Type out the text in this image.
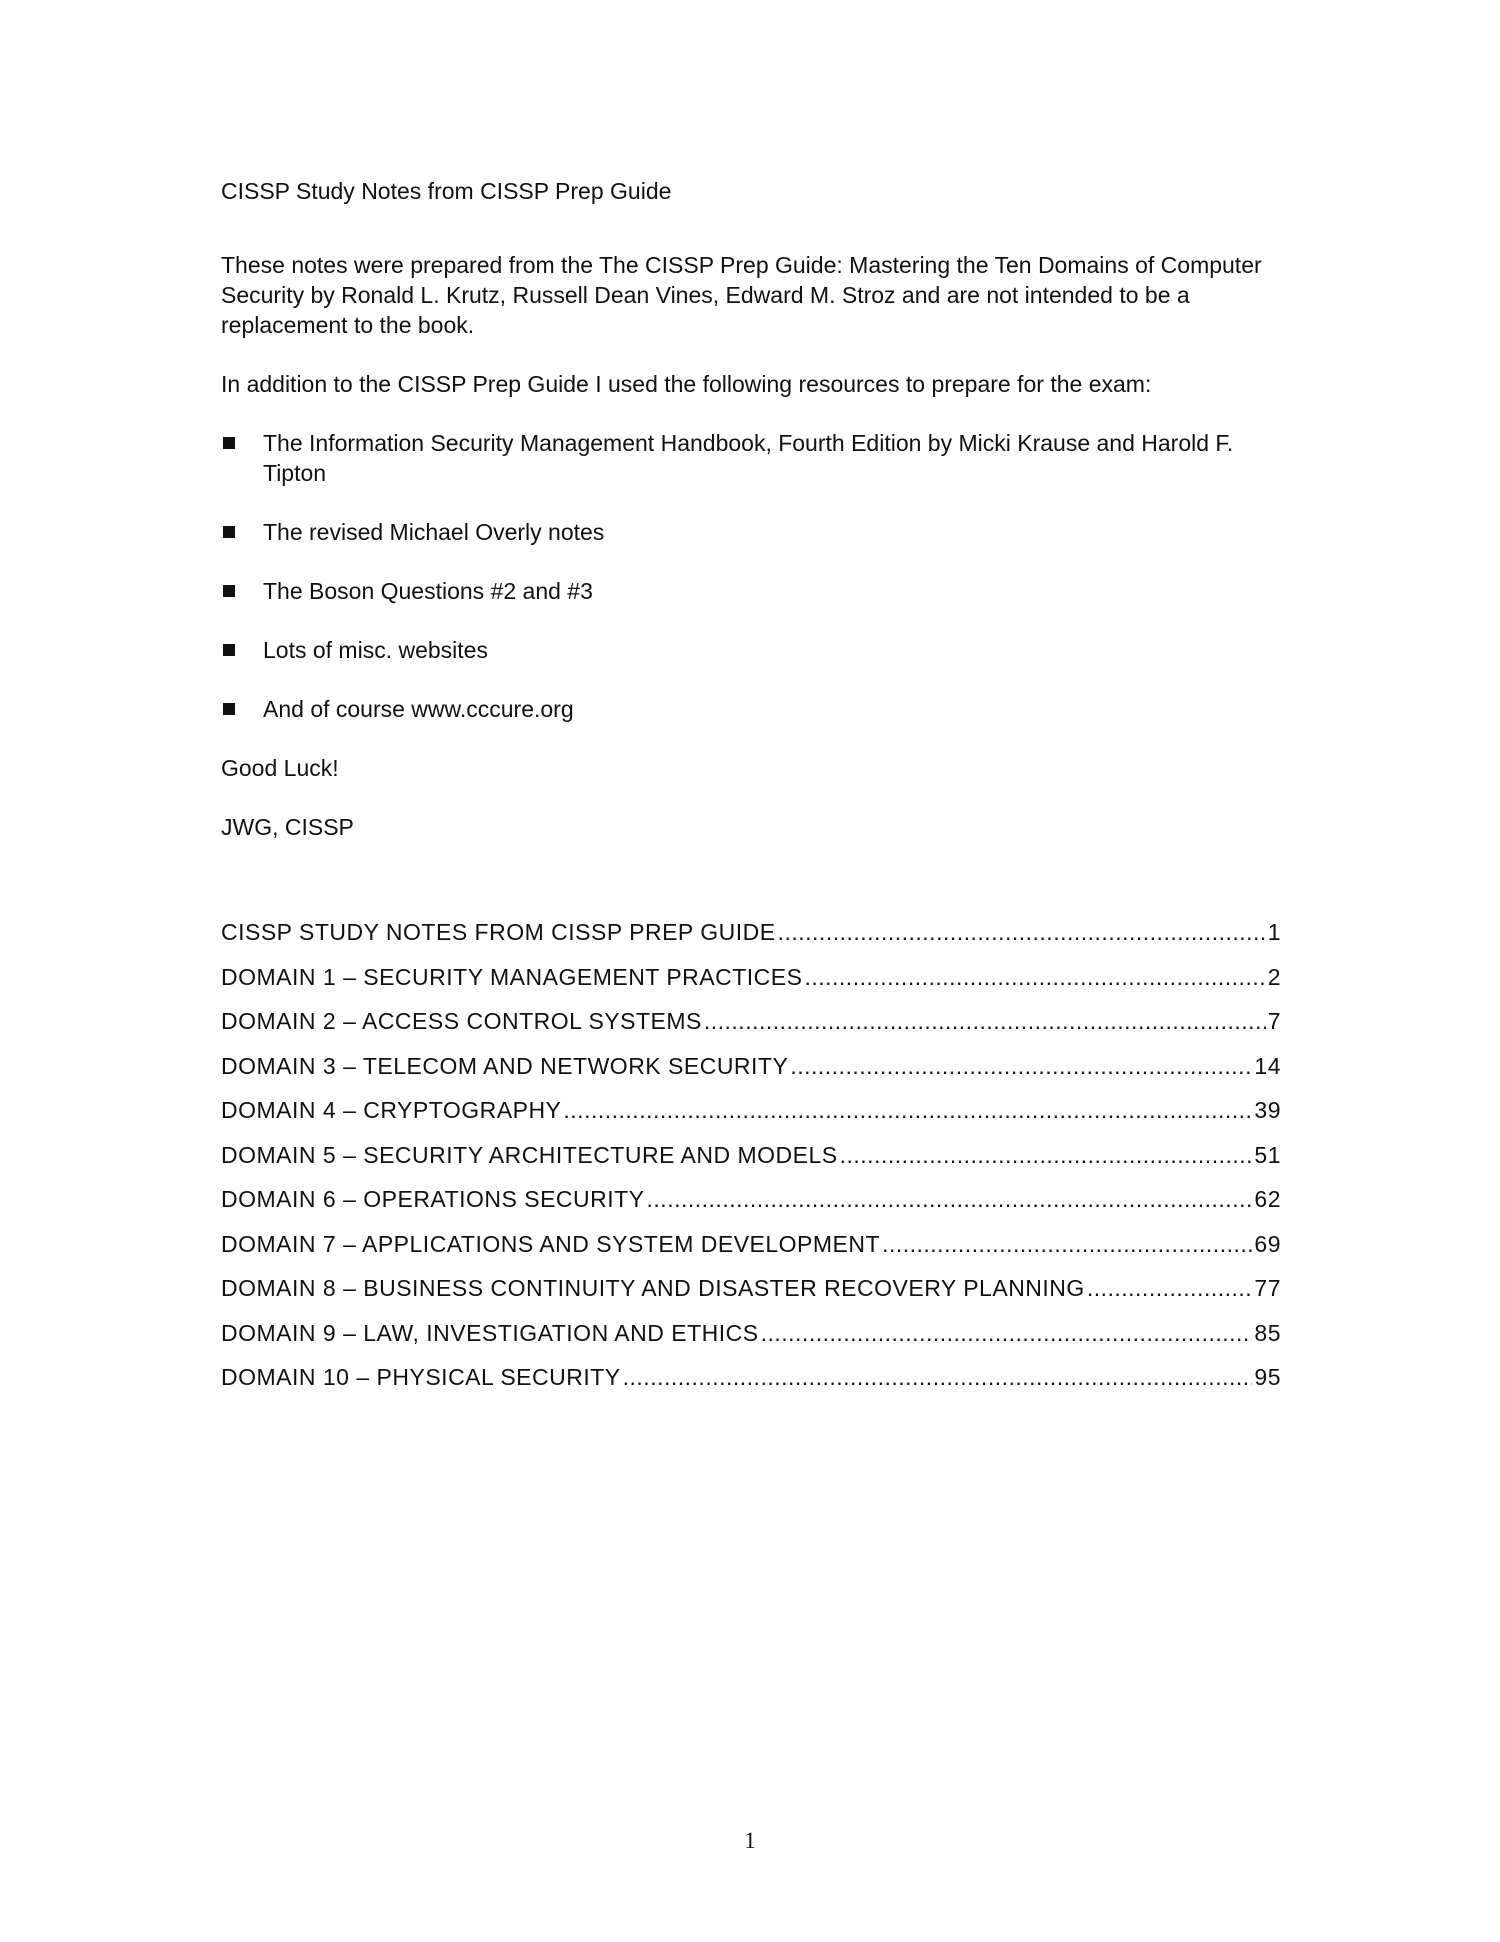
CISSP Study Notes from CISSP Prep Guide

These notes were prepared from the The CISSP Prep Guide: Mastering the Ten Domains of Computer Security by Ronald L. Krutz, Russell Dean Vines, Edward M. Stroz and are not intended to be a replacement to the book.

In addition to the CISSP Prep Guide I used the following resources to prepare for the exam:

The Information Security Management Handbook, Fourth Edition by Micki Krause and Harold F. Tipton
The revised Michael Overly notes
The Boson Questions #2 and #3
Lots of misc. websites
And of course www.cccure.org

Good Luck!

JWG, CISSP

CISSP STUDY NOTES FROM CISSP PREP GUIDE .....	1
DOMAIN 1 – SECURITY MANAGEMENT PRACTICES .....	2
DOMAIN 2 – ACCESS CONTROL SYSTEMS .....	7
DOMAIN 3 – TELECOM AND NETWORK SECURITY .....	14
DOMAIN 4 – CRYPTOGRAPHY .....	39
DOMAIN 5 – SECURITY ARCHITECTURE AND MODELS .....	51
DOMAIN 6 – OPERATIONS SECURITY .....	62
DOMAIN 7 – APPLICATIONS AND SYSTEM DEVELOPMENT .....	69
DOMAIN 8 – BUSINESS CONTINUITY AND DISASTER RECOVERY PLANNING .....	77
DOMAIN 9 – LAW, INVESTIGATION AND ETHICS .....	85
DOMAIN 10 – PHYSICAL SECURITY .....	95
1
